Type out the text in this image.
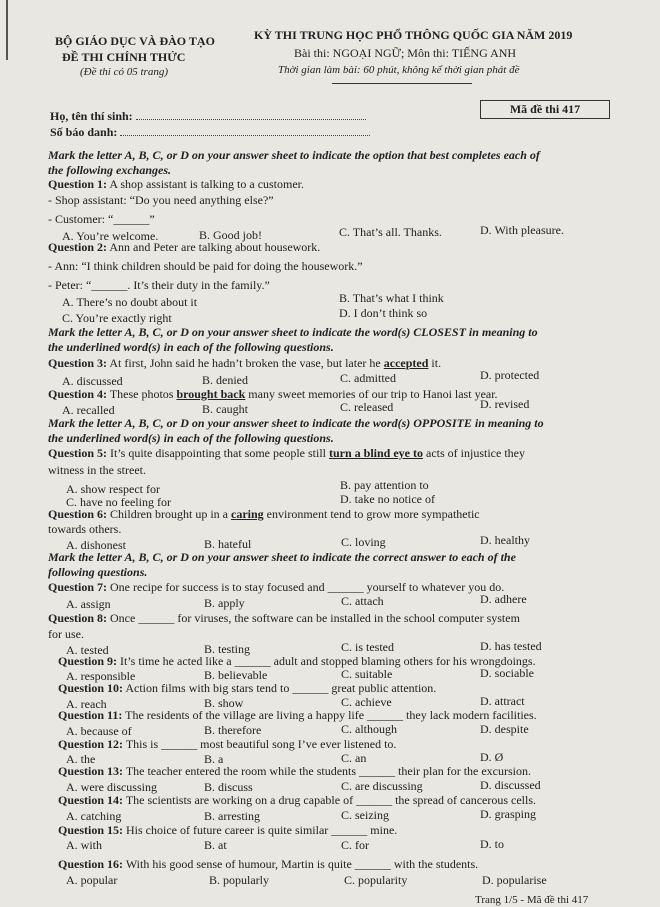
BỘ GIÁO DỤC VÀ ĐÀO TẠO
ĐỀ THI CHÍNH THỨC
(Đề thi có 05 trang)
KỲ THI TRUNG HỌC PHỔ THÔNG QUỐC GIA NĂM 2019
Bài thi: NGOẠI NGỮ; Môn thi: TIẾNG ANH
Thời gian làm bài: 60 phút, không kể thời gian phát đề
Họ, tên thí sinh:
Số báo danh:
Mã đề thi 417
Mark the letter A, B, C, or D on your answer sheet to indicate the option that best completes each of
the following exchanges.
Question 1: A shop assistant is talking to a customer.
- Shop assistant: “Do you need anything else?”
- Customer: “______”
A. You’re welcome.	B. Good job!	C. That’s all. Thanks.	D. With pleasure.
Question 2: Ann and Peter are talking about housework.
- Ann: “I think children should be paid for doing the housework.”
- Peter: “______. It’s their duty in the family.”
A. There’s no doubt about it	B. That’s what I think
C. You’re exactly right	D. I don’t think so
Mark the letter A, B, C, or D on your answer sheet to indicate the word(s) CLOSEST in meaning to
the underlined word(s) in each of the following questions.
Question 3: At first, John said he hadn’t broken the vase, but later he accepted it.
A. discussed	B. denied	C. admitted	D. protected
Question 4: These photos brought back many sweet memories of our trip to Hanoi last year.
A. recalled	B. caught	C. released	D. revised
Mark the letter A, B, C, or D on your answer sheet to indicate the word(s) OPPOSITE in meaning to
the underlined word(s) in each of the following questions.
Question 5: It’s quite disappointing that some people still turn a blind eye to acts of injustice they
witness in the street.
A. show respect for	B. pay attention to
C. have no feeling for	D. take no notice of
Question 6: Children brought up in a caring environment tend to grow more sympathetic
towards others.
A. dishonest	B. hateful	C. loving	D. healthy
Mark the letter A, B, C, or D on your answer sheet to indicate the correct answer to each of the
following questions.
Question 7: One recipe for success is to stay focused and ______ yourself to whatever you do.
A. assign	B. apply	C. attach	D. adhere
Question 8: Once ______ for viruses, the software can be installed in the school computer system
for use.
A. tested	B. testing	C. is tested	D. has tested
Question 9: It’s time he acted like a ______ adult and stopped blaming others for his wrongdoings.
A. responsible	B. believable	C. suitable	D. sociable
Question 10: Action films with big stars tend to ______ great public attention.
A. reach	B. show	C. achieve	D. attract
Question 11: The residents of the village are living a happy life ______ they lack modern facilities.
A. because of	B. therefore	C. although	D. despite
Question 12: This is ______ most beautiful song I’ve ever listened to.
A. the	B. a	C. an	D. Ø
Question 13: The teacher entered the room while the students ______ their plan for the excursion.
A. were discussing	B. discuss	C. are discussing	D. discussed
Question 14: The scientists are working on a drug capable of ______ the spread of cancerous cells.
A. catching	B. arresting	C. seizing	D. grasping
Question 15: His choice of future career is quite similar ______ mine.
A. with	B. at	C. for	D. to
Question 16: With his good sense of humour, Martin is quite ______ with the students.
A. popular	B. popularly	C. popularity	D. popularise
Trang 1/5 - Mã đề thi 417
